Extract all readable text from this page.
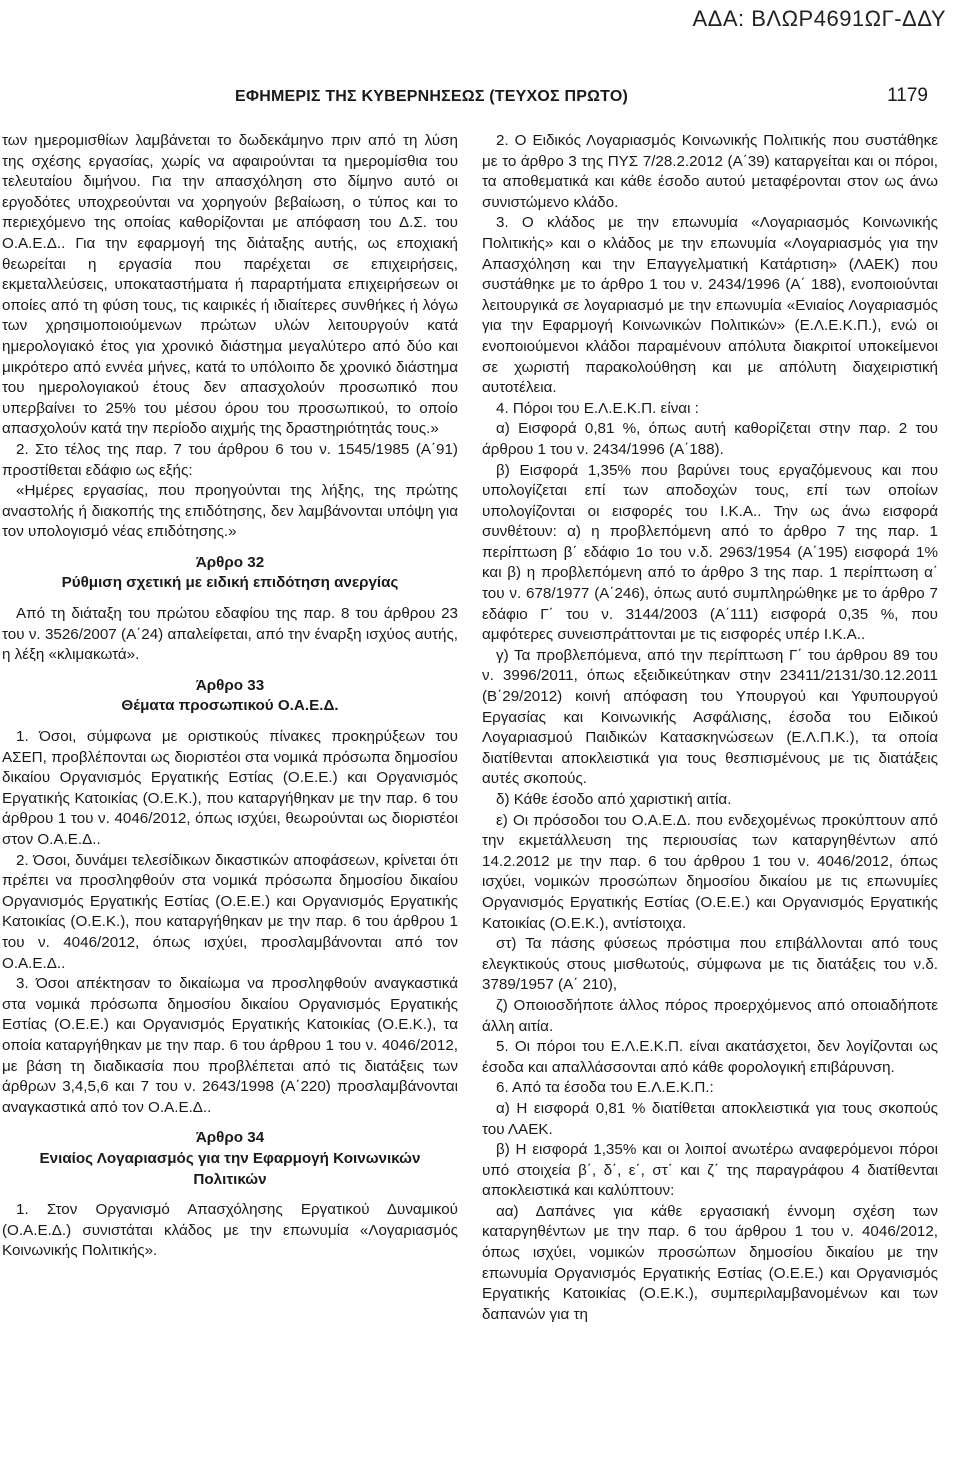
ΑΔΑ: ΒΛΩΡ4691ΩΓ-ΔΔΥ
ΕΦΗΜΕΡΙΣ ΤΗΣ ΚΥΒΕΡΝΗΣΕΩΣ (ΤΕΥΧΟΣ ΠΡΩΤΟ)	1179

των ημερομισθίων λαμβάνεται το δωδεκάμηνο πριν από τη λύση της σχέσης εργασίας, χωρίς να αφαιρούνται τα ημερομίσθια του τελευταίου διμήνου. Για την απασχόληση στο δίμηνο αυτό οι εργοδότες υποχρεούνται να χορηγούν βεβαίωση, ο τύπος και το περιεχόμενο της οποίας καθορίζονται με απόφαση του Δ.Σ. του Ο.Α.Ε.Δ.. Για την εφαρμογή της διάταξης αυτής, ως εποχιακή θεωρείται η εργασία που παρέχεται σε επιχειρήσεις, εκμεταλλεύσεις, υποκαταστήματα ή παραρτήματα επιχειρήσεων οι οποίες από τη φύση τους, τις καιρικές ή ιδιαίτερες συνθήκες ή λόγω των χρησιμοποιούμενων πρώτων υλών λειτουργούν κατά ημερολογιακό έτος για χρονικό διάστημα μεγαλύτερο από δύο και μικρότερο από εννέα μήνες, κατά το υπόλοιπο δε χρονικό διάστημα του ημερολογιακού έτους δεν απασχολούν προσωπικό που υπερβαίνει το 25% του μέσου όρου του προσωπικού, το οποίο απασχολούν κατά την περίοδο αιχμής της δραστηριότητάς τους.»

2. Στο τέλος της παρ. 7 του άρθρου 6 του ν. 1545/1985 (Α΄91) προστίθεται εδάφιο ως εξής:

«Ημέρες εργασίας, που προηγούνται της λήξης, της πρώτης αναστολής ή διακοπής της επιδότησης, δεν λαμβάνονται υπόψη για τον υπολογισμό νέας επιδότησης.»

Άρθρο 32

Ρύθμιση σχετική με ειδική επιδότηση ανεργίας

Από τη διάταξη του πρώτου εδαφίου της παρ. 8 του άρθρου 23 του ν. 3526/2007 (Α΄24) απαλείφεται, από την έναρξη ισχύος αυτής, η λέξη «κλιμακωτά».

Άρθρο 33

Θέματα προσωπικού Ο.Α.Ε.Δ.

1. Όσοι, σύμφωνα με οριστικούς πίνακες προκηρύξεων του ΑΣΕΠ, προβλέπονται ως διοριστέοι στα νομικά πρόσωπα δημοσίου δικαίου Οργανισμός Εργατικής Εστίας (Ο.Ε.Ε.) και Οργανισμός Εργατικής Κατοικίας (Ο.Ε.Κ.), που καταργήθηκαν με την παρ. 6 του άρθρου 1 του ν. 4046/2012, όπως ισχύει, θεωρούνται ως διοριστέοι στον Ο.Α.Ε.Δ..

2. Όσοι, δυνάμει τελεσίδικων δικαστικών αποφάσεων, κρίνεται ότι πρέπει να προσληφθούν στα νομικά πρόσωπα δημοσίου δικαίου Οργανισμός Εργατικής Εστίας (Ο.Ε.Ε.) και Οργανισμός Εργατικής Κατοικίας (Ο.Ε.Κ.), που καταργήθηκαν με την παρ. 6 του άρθρου 1 του ν. 4046/2012, όπως ισχύει, προσλαμβάνονται από τον Ο.Α.Ε.Δ..

3. Όσοι απέκτησαν το δικαίωμα να προσληφθούν αναγκαστικά στα νομικά πρόσωπα δημοσίου δικαίου Οργανισμός Εργατικής Εστίας (Ο.Ε.Ε.) και Οργανισμός Εργατικής Κατοικίας (Ο.Ε.Κ.), τα οποία καταργήθηκαν με την παρ. 6 του άρθρου 1 του ν. 4046/2012, με βάση τη διαδικασία που προβλέπεται από τις διατάξεις των άρθρων 3,4,5,6 και 7 του ν. 2643/1998 (Α΄220) προσλαμβάνονται αναγκαστικά από τον Ο.Α.Ε.Δ..

Άρθρο 34

Ενιαίος Λογαριασμός για την Εφαρμογή Κοινωνικών Πολιτικών

1. Στον Οργανισμό Απασχόλησης Εργατικού Δυναμικού (Ο.Α.Ε.Δ.) συνιστάται κλάδος με την επωνυμία «Λογαριασμός Κοινωνικής Πολιτικής».

2. Ο Ειδικός Λογαριασμός Κοινωνικής Πολιτικής που συστάθηκε με το άρθρο 3 της ΠΥΣ 7/28.2.2012 (Α΄39) καταργείται και οι πόροι, τα αποθεματικά και κάθε έσοδο αυτού μεταφέρονται στον ως άνω συνιστώμενο κλάδο.

3. Ο κλάδος με την επωνυμία «Λογαριασμός Κοινωνικής Πολιτικής» και ο κλάδος με την επωνυμία «Λογαριασμός για την Απασχόληση και την Επαγγελματική Κατάρτιση» (ΛΑΕΚ) που συστάθηκε με το άρθρο 1 του ν. 2434/1996 (Α΄ 188), ενοποιούνται λειτουργικά σε λογαριασμό με την επωνυμία «Ενιαίος Λογαριασμός για την Εφαρμογή Κοινωνικών Πολιτικών» (Ε.Λ.Ε.Κ.Π.), ενώ οι ενοποιούμενοι κλάδοι παραμένουν απόλυτα διακριτοί υποκείμενοι σε χωριστή παρακολούθηση και με απόλυτη διαχειριστική αυτοτέλεια.

4. Πόροι του Ε.Λ.Ε.Κ.Π. είναι :

α) Εισφορά 0,81 %, όπως αυτή καθορίζεται στην παρ. 2 του άρθρου 1 του ν. 2434/1996 (Α΄188).

β) Εισφορά 1,35% που βαρύνει τους εργαζόμενους και που υπολογίζεται επί των αποδοχών τους, επί των οποίων υπολογίζονται οι εισφορές του Ι.Κ.Α.. Την ως άνω εισφορά συνθέτουν: α) η προβλεπόμενη από το άρθρο 7 της παρ. 1 περίπτωση β΄ εδάφιο 1ο του ν.δ. 2963/1954 (Α΄195) εισφορά 1% και β) η προβλεπόμενη από το άρθρο 3 της παρ. 1 περίπτωση α΄ του ν. 678/1977 (Α΄246), όπως αυτό συμπληρώθηκε με το άρθρο 7 εδάφιο Γ΄ του ν. 3144/2003 (Α΄111) εισφορά 0,35 %, που αμφότερες συνεισπράττονται με τις εισφορές υπέρ Ι.Κ.Α..

γ) Τα προβλεπόμενα, από την περίπτωση Γ΄ του άρθρου 89 του ν. 3996/2011, όπως εξειδικεύτηκαν στην 23411/2131/30.12.2011 (Β΄29/2012) κοινή απόφαση του Υπουργού και Υφυπουργού Εργασίας και Κοινωνικής Ασφάλισης, έσοδα του Ειδικού Λογαριασμού Παιδικών Κατασκηνώσεων (Ε.Λ.Π.Κ.), τα οποία διατίθενται αποκλειστικά για τους θεσπισμένους με τις διατάξεις αυτές σκοπούς.

δ) Κάθε έσοδο από χαριστική αιτία.

ε) Οι πρόσοδοι του Ο.Α.Ε.Δ. που ενδεχομένως προκύπτουν από την εκμετάλλευση της περιουσίας των καταργηθέντων από 14.2.2012 με την παρ. 6 του άρθρου 1 του ν. 4046/2012, όπως ισχύει, νομικών προσώπων δημοσίου δικαίου με τις επωνυμίες Οργανισμός Εργατικής Εστίας (Ο.Ε.Ε.) και Οργανισμός Εργατικής Κατοικίας (Ο.Ε.Κ.), αντίστοιχα.

στ) Τα πάσης φύσεως πρόστιμα που επιβάλλονται από τους ελεγκτικούς στους μισθωτούς, σύμφωνα με τις διατάξεις του ν.δ. 3789/1957 (Α΄ 210),

ζ) Οποιοσδήποτε άλλος πόρος προερχόμενος από οποιαδήποτε άλλη αιτία.

5. Οι πόροι του Ε.Λ.Ε.Κ.Π. είναι ακατάσχετοι, δεν λογίζονται ως έσοδα και απαλλάσσονται από κάθε φορολογική επιβάρυνση.

6. Από τα έσοδα του Ε.Λ.Ε.Κ.Π.:

α) Η εισφορά 0,81 % διατίθεται αποκλειστικά για τους σκοπούς του ΛΑΕΚ.

β) Η εισφορά 1,35% και οι λοιποί ανωτέρω αναφερόμενοι πόροι υπό στοιχεία β΄, δ΄, ε΄, στ΄ και ζ΄ της παραγράφου 4 διατίθενται αποκλειστικά και καλύπτουν:

αα) Δαπάνες για κάθε εργασιακή έννομη σχέση των καταργηθέντων με την παρ. 6 του άρθρου 1 του ν. 4046/2012, όπως ισχύει, νομικών προσώπων δημοσίου δικαίου με την επωνυμία Οργανισμός Εργατικής Εστίας (Ο.Ε.Ε.) και Οργανισμός Εργατικής Κατοικίας (Ο.Ε.Κ.), συμπεριλαμβανομένων και των δαπανών για τη
